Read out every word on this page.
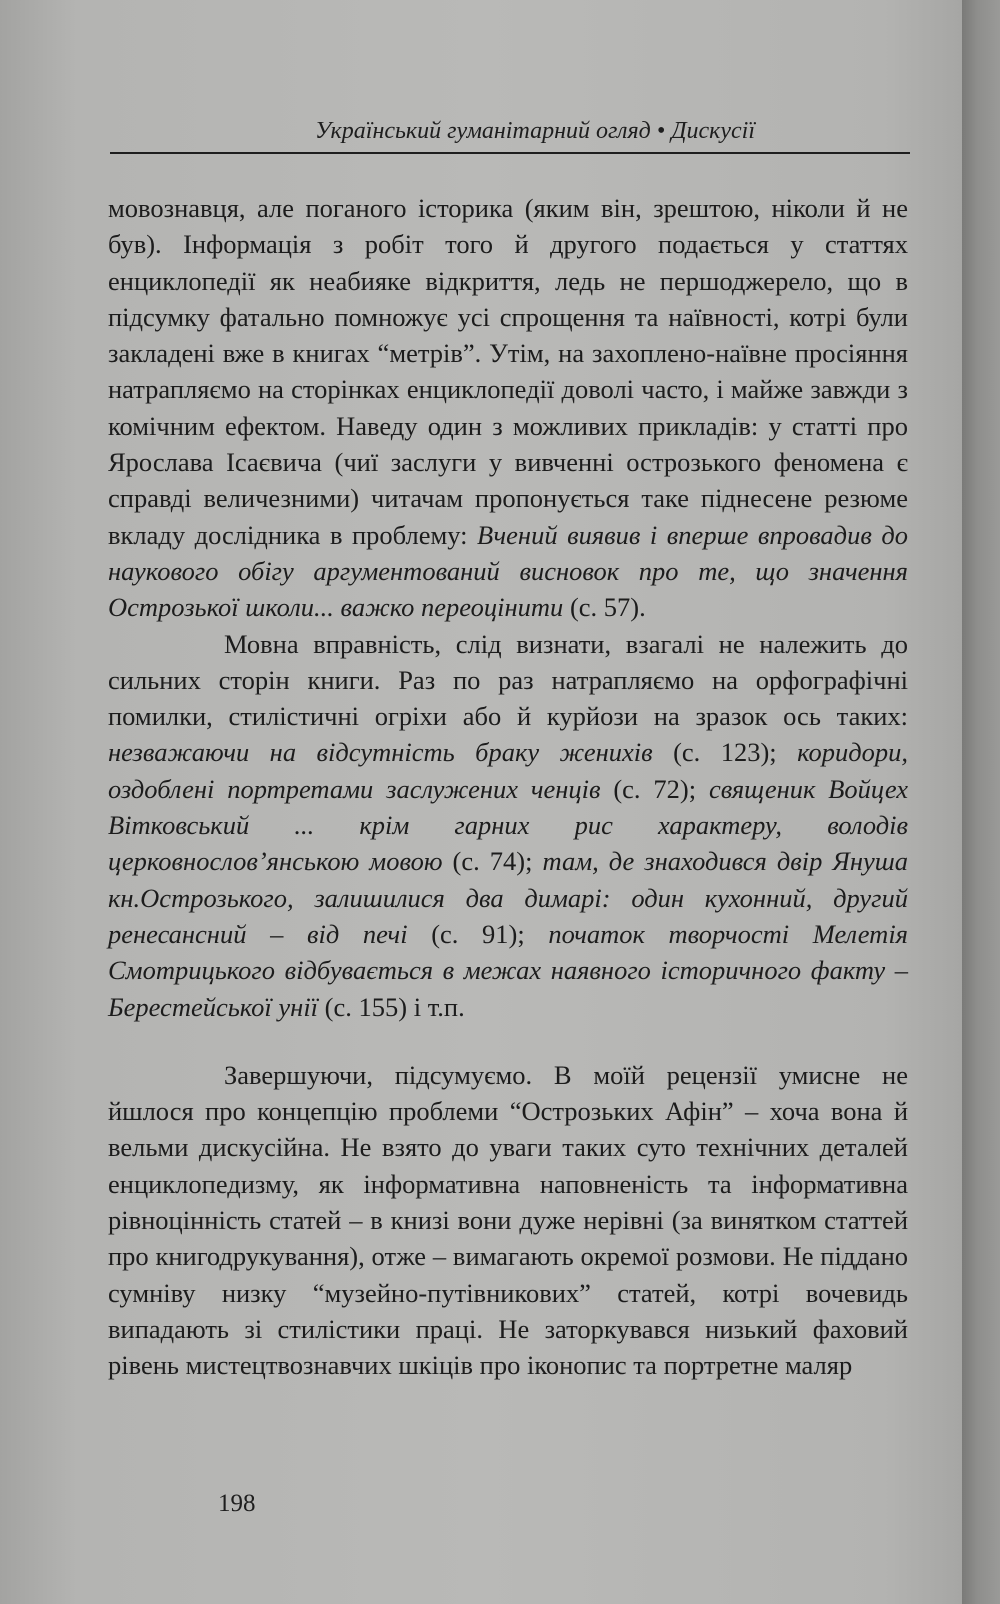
Український гуманітарний огляд • Дискусії

мовознавця, але поганого історика (яким він, зрештою, ніколи й не був). Інформація з робіт того й другого подається у статтях енциклопедії як неабияке відкриття, ледь не першоджерело, що в підсумку фатально помножує усі спрощення та наївності, котрі були закладені вже в книгах “метрів”. Утім, на захоплено-наївне просіяння натрапляємо на сторінках енциклопедії доволі часто, і майже завжди з комічним ефектом. Наведу один з можливих прикладів: у статті про Ярослава Ісаєвича (чиї заслуги у вивченні острозького феномена є справді величезними) читачам пропонується таке піднесене резюме вкладу дослідника в проблему: Вчений виявив і вперше впровадив до наукового обігу аргументований висновок про те, що значення Острозької школи... важко переоцінити (с. 57).

Мовна вправність, слід визнати, взагалі не належить до сильних сторін книги. Раз по раз натрапляємо на орфографічні помилки, стилістичні огріхи або й курйози на зразок ось таких: незважаючи на відсутність браку женихів (с. 123); коридори, оздоблені портретами заслужених ченців (с. 72); священик Войцех Вітковський ... крім гарних рис характеру, володів церковнослов’янською мовою (с. 74); там, де знаходився двір Януша кн.Острозького, залишилися два димарі: один кухонний, другий ренесансний – від печі (с. 91); початок творчості Мелетія Смотрицького відбувається в межах наявного історичного факту – Берестейської унії (с. 155) і т.п.

Завершуючи, підсумуємо. В моїй рецензії умисне не йшлося про концепцію проблеми “Острозьких Афін” – хоча вона й вельми дискусійна. Не взято до уваги таких суто технічних деталей енциклопедизму, як інформативна наповненість та інформативна рівноцінність статей – в книзі вони дуже нерівні (за винятком статтей про книгодрукування), отже – вимагають окремої розмови. Не піддано сумніву низку “музейно-путівникових” статей, котрі вочевидь випадають зі стилістики праці. Не заторкувався низький фаховий рівень мистецтвознавчих шкіців про іконопис та портретне маляр

198
